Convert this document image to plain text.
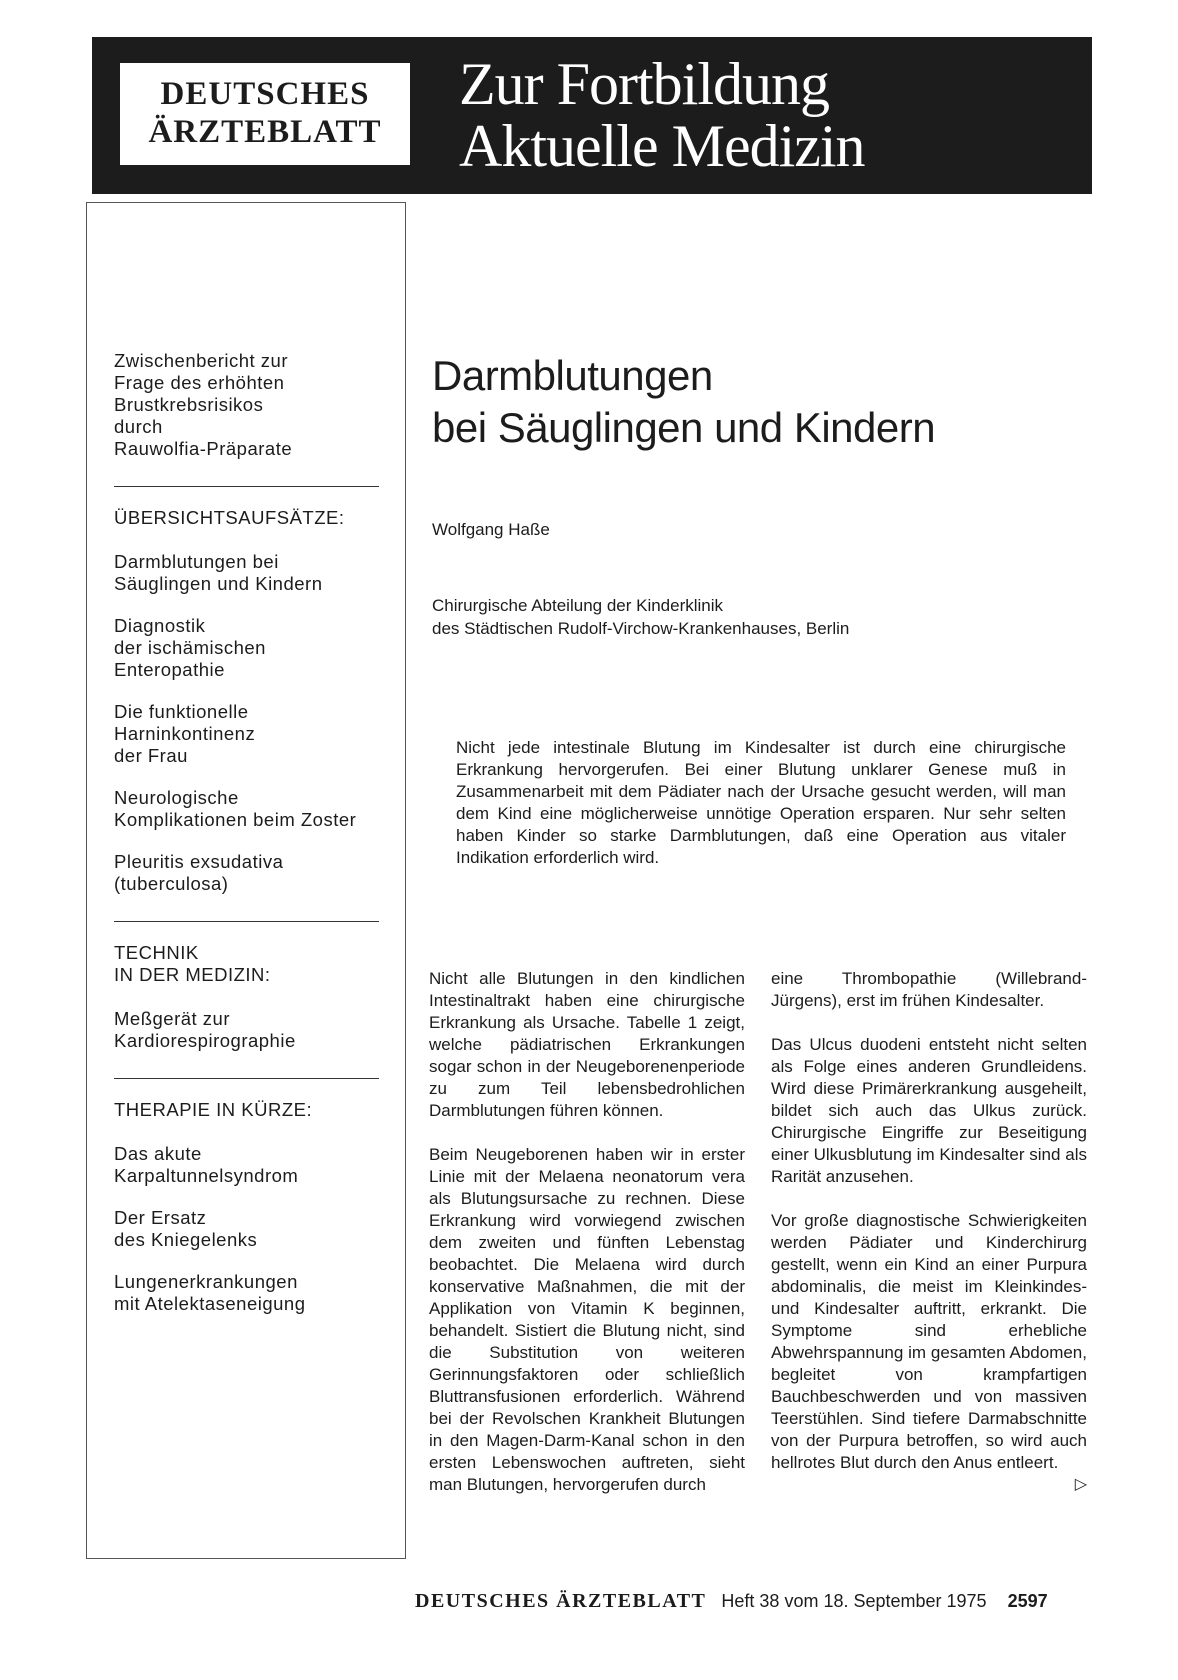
DEUTSCHES
ÄRZTEBLATT
Zur Fortbildung
Aktuelle Medizin
Zwischenbericht zur
Frage des erhöhten
Brustkrebsrisikos
durch
Rauwolfia-Präparate
ÜBERSICHTSAUFSÄTZE:
Darmblutungen bei
Säuglingen und Kindern
Diagnostik
der ischämischen
Enteropathie
Die funktionelle
Harninkontinenz
der Frau
Neurologische
Komplikationen beim Zoster
Pleuritis exsudativa
(tuberculosa)
TECHNIK
IN DER MEDIZIN:
Meßgerät zur
Kardiorespirographie
THERAPIE IN KÜRZE:
Das akute
Karpaltunnelsyndrom
Der Ersatz
des Kniegelenks
Lungenerkrankungen
mit Atelektaseneigung
Darmblutungen
bei Säuglingen und Kindern
Wolfgang Haße
Chirurgische Abteilung der Kinderklinik
des Städtischen Rudolf-Virchow-Krankenhauses, Berlin
Nicht jede intestinale Blutung im Kindesalter ist durch eine chirurgische Erkrankung hervorgerufen. Bei einer Blutung unklarer Genese muß in Zusammenarbeit mit dem Pädiater nach der Ursache gesucht werden, will man dem Kind eine möglicherweise unnötige Operation ersparen. Nur sehr selten haben Kinder so starke Darmblutungen, daß eine Operation aus vitaler Indikation erforderlich wird.

Nicht alle Blutungen in den kindlichen Intestinaltrakt haben eine chirurgische Erkrankung als Ursache. Tabelle 1 zeigt, welche pädiatrischen Erkrankungen sogar schon in der Neugeborenenperiode zu zum Teil lebensbedrohlichen Darmblutungen führen können.

Beim Neugeborenen haben wir in erster Linie mit der Melaena neonatorum vera als Blutungsursache zu rechnen. Diese Erkrankung wird vorwiegend zwischen dem zweiten und fünften Lebenstag beobachtet. Die Melaena wird durch konservative Maßnahmen, die mit der Applikation von Vitamin K beginnen, behandelt. Sistiert die Blutung nicht, sind die Substitution von weiteren Gerinnungsfaktoren oder schließlich Bluttransfusionen erforderlich. Während bei der Revolschen Krankheit Blutungen in den Magen-Darm-Kanal schon in den ersten Lebenswochen auftreten, sieht man Blutungen, hervorgerufen durch

eine Thrombopathie (Willebrand-Jürgens), erst im frühen Kindesalter.

Das Ulcus duodeni entsteht nicht selten als Folge eines anderen Grundleidens. Wird diese Primärerkrankung ausgeheilt, bildet sich auch das Ulkus zurück. Chirurgische Eingriffe zur Beseitigung einer Ulkusblutung im Kindesalter sind als Rarität anzusehen.

Vor große diagnostische Schwierigkeiten werden Pädiater und Kinderchirurg gestellt, wenn ein Kind an einer Purpura abdominalis, die meist im Kleinkindes- und Kindesalter auftritt, erkrankt. Die Symptome sind erhebliche Abwehrspannung im gesamten Abdomen, begleitet von krampfartigen Bauchbeschwerden und von massiven Teerstühlen. Sind tiefere Darmabschnitte von der Purpura betroffen, so wird auch hellrotes Blut durch den Anus entleert.

▷
DEUTSCHES ÄRZTEBLATT Heft 38 vom 18. September 1975 2597
